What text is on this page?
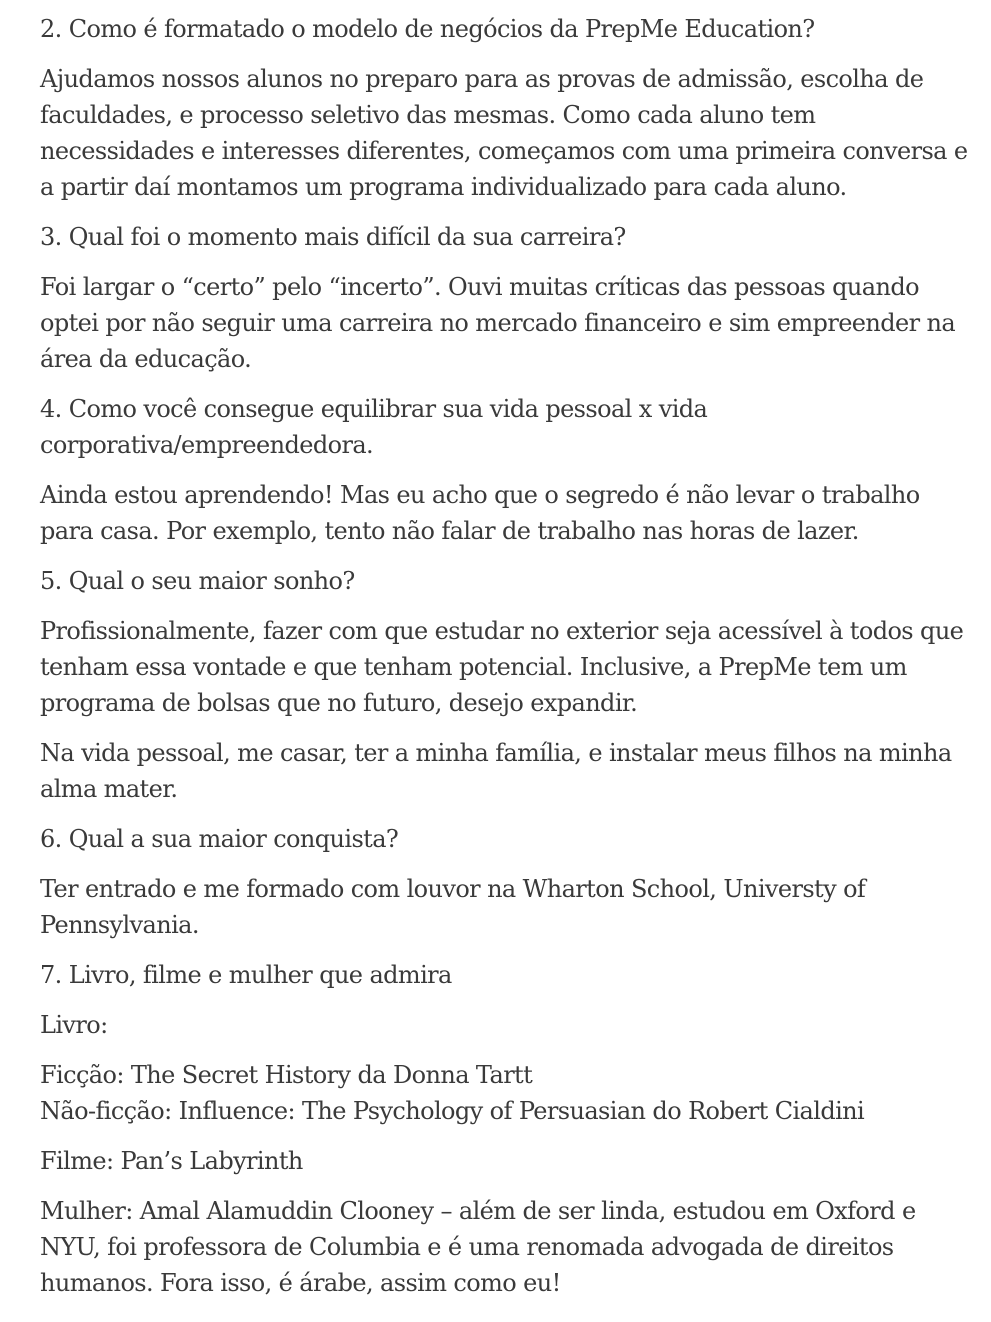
2. Como é formatado o modelo de negócios da PrepMe Education?

Ajudamos nossos alunos no preparo para as provas de admissão, escolha de faculdades, e processo seletivo das mesmas. Como cada aluno tem necessidades e interesses diferentes, começamos com uma primeira conversa e a partir daí montamos um programa individualizado para cada aluno.

3. Qual foi o momento mais difícil da sua carreira?

Foi largar o “certo” pelo “incerto”. Ouvi muitas críticas das pessoas quando optei por não seguir uma carreira no mercado financeiro e sim empreender na área da educação.

4. Como você consegue equilibrar sua vida pessoal x vida corporativa/empreendedora.

Ainda estou aprendendo! Mas eu acho que o segredo é não levar o trabalho para casa. Por exemplo, tento não falar de trabalho nas horas de lazer.

5. Qual o seu maior sonho?

Profissionalmente, fazer com que estudar no exterior seja acessível à todos que tenham essa vontade e que tenham potencial. Inclusive, a PrepMe tem um programa de bolsas que no futuro, desejo expandir.

Na vida pessoal, me casar, ter a minha família, e instalar meus filhos na minha alma mater.

6. Qual a sua maior conquista?

Ter entrado e me formado com louvor na Wharton School, Universty of Pennsylvania.

7. Livro, filme e mulher que admira

Livro:

Ficção: The Secret History da Donna Tartt
Não-ficção: Influence: The Psychology of Persuasian do Robert Cialdini

Filme: Pan’s Labyrinth

Mulher: Amal Alamuddin Clooney – além de ser linda, estudou em Oxford e NYU, foi professora de Columbia e é uma renomada advogada de direitos humanos. Fora isso, é árabe, assim como eu!
